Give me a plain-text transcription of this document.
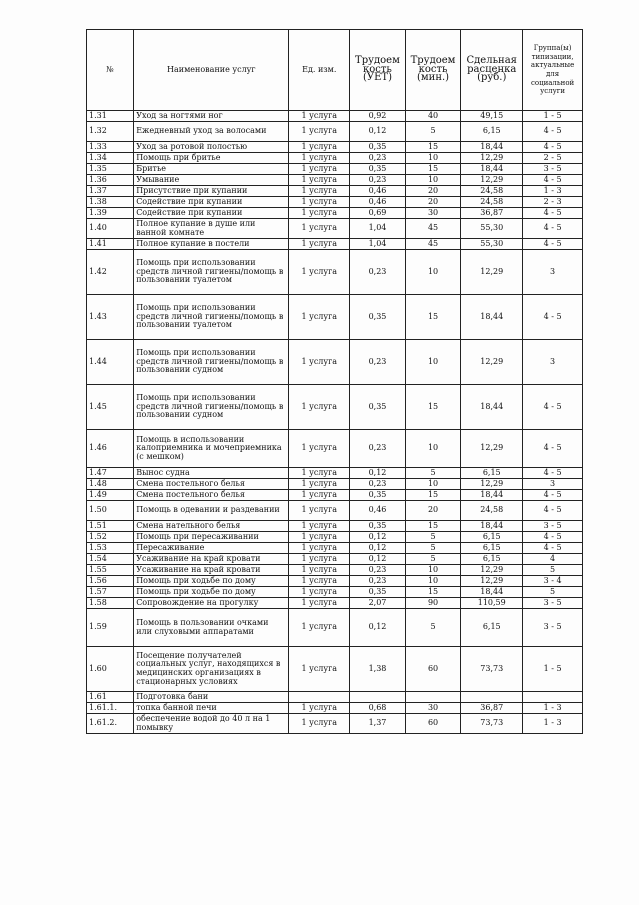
№	Наименование услуг	Ед. изм.	Трудоем кость (УЕТ)	Трудоем кость (мин.)	Сдельная расценка (руб.)	Группа(ы) типизации, актуальные для социальной услуги
1.31	Уход за ногтями ног	1 услуга	0,92	40	49,15	1 - 5
1.32	Ежедневный уход за волосами	1 услуга	0,12	5	6,15	4 - 5
1.33	Уход за ротовой полостью	1 услуга	0,35	15	18,44	4 - 5
1.34	Помощь при бритье	1 услуга	0,23	10	12,29	2 - 5
1.35	Бритье	1 услуга	0,35	15	18,44	3 - 5
1.36	Умывание	1 услуга	0,23	10	12,29	4 - 5
1.37	Присутствие при купании	1 услуга	0,46	20	24,58	1 - 3
1.38	Содействие при купании	1 услуга	0,46	20	24,58	2 - 3
1.39	Содействие при купании	1 услуга	0,69	30	36,87	4 - 5
1.40	Полное купание в душе или ванной комнате	1 услуга	1,04	45	55,30	4 - 5
1.41	Полное купание в постели	1 услуга	1,04	45	55,30	4 - 5
1.42	Помощь при использовании средств личной гигиены/помощь в пользовании туалетом	1 услуга	0,23	10	12,29	3
1.43	Помощь при использовании средств личной гигиены/помощь в пользовании туалетом	1 услуга	0,35	15	18,44	4 - 5
1.44	Помощь при использовании средств личной гигиены/помощь в пользовании судном	1 услуга	0,23	10	12,29	3
1.45	Помощь при использовании средств личной гигиены/помощь в пользовании судном	1 услуга	0,35	15	18,44	4 - 5
1.46	Помощь в использовании калоприемника и мочеприемника (с мешком)	1 услуга	0,23	10	12,29	4 - 5
1.47	Вынос судна	1 услуга	0,12	5	6,15	4 - 5
1.48	Смена постельного белья	1 услуга	0,23	10	12,29	3
1.49	Смена постельного белья	1 услуга	0,35	15	18,44	4 - 5
1.50	Помощь в одевании и раздевании	1 услуга	0,46	20	24,58	4 - 5
1.51	Смена нательного белья	1 услуга	0,35	15	18,44	3 - 5
1.52	Помощь при пересаживании	1 услуга	0,12	5	6,15	4 - 5
1.53	Пересаживание	1 услуга	0,12	5	6,15	4 - 5
1.54	Усаживание на край кровати	1 услуга	0,12	5	6,15	4
1.55	Усаживание на край кровати	1 услуга	0,23	10	12,29	5
1.56	Помощь при ходьбе по дому	1 услуга	0,23	10	12,29	3 - 4
1.57	Помощь при ходьбе по дому	1 услуга	0,35	15	18,44	5
1.58	Сопровождение на прогулку	1 услуга	2,07	90	110,59	3 - 5
1.59	Помощь в пользовании очками или слуховыми аппаратами	1 услуга	0,12	5	6,15	3 - 5
1.60	Посещение получателей социальных услуг, находящихся в медицинских организациях в стационарных условиях	1 услуга	1,38	60	73,73	1 - 5
1.61	Подготовка бани					
1.61.1.	топка банной печи	1 услуга	0,68	30	36,87	1 - 3
1.61.2.	обеспечение водой до 40 л на 1 помывку	1 услуга	1,37	60	73,73	1 - 3
